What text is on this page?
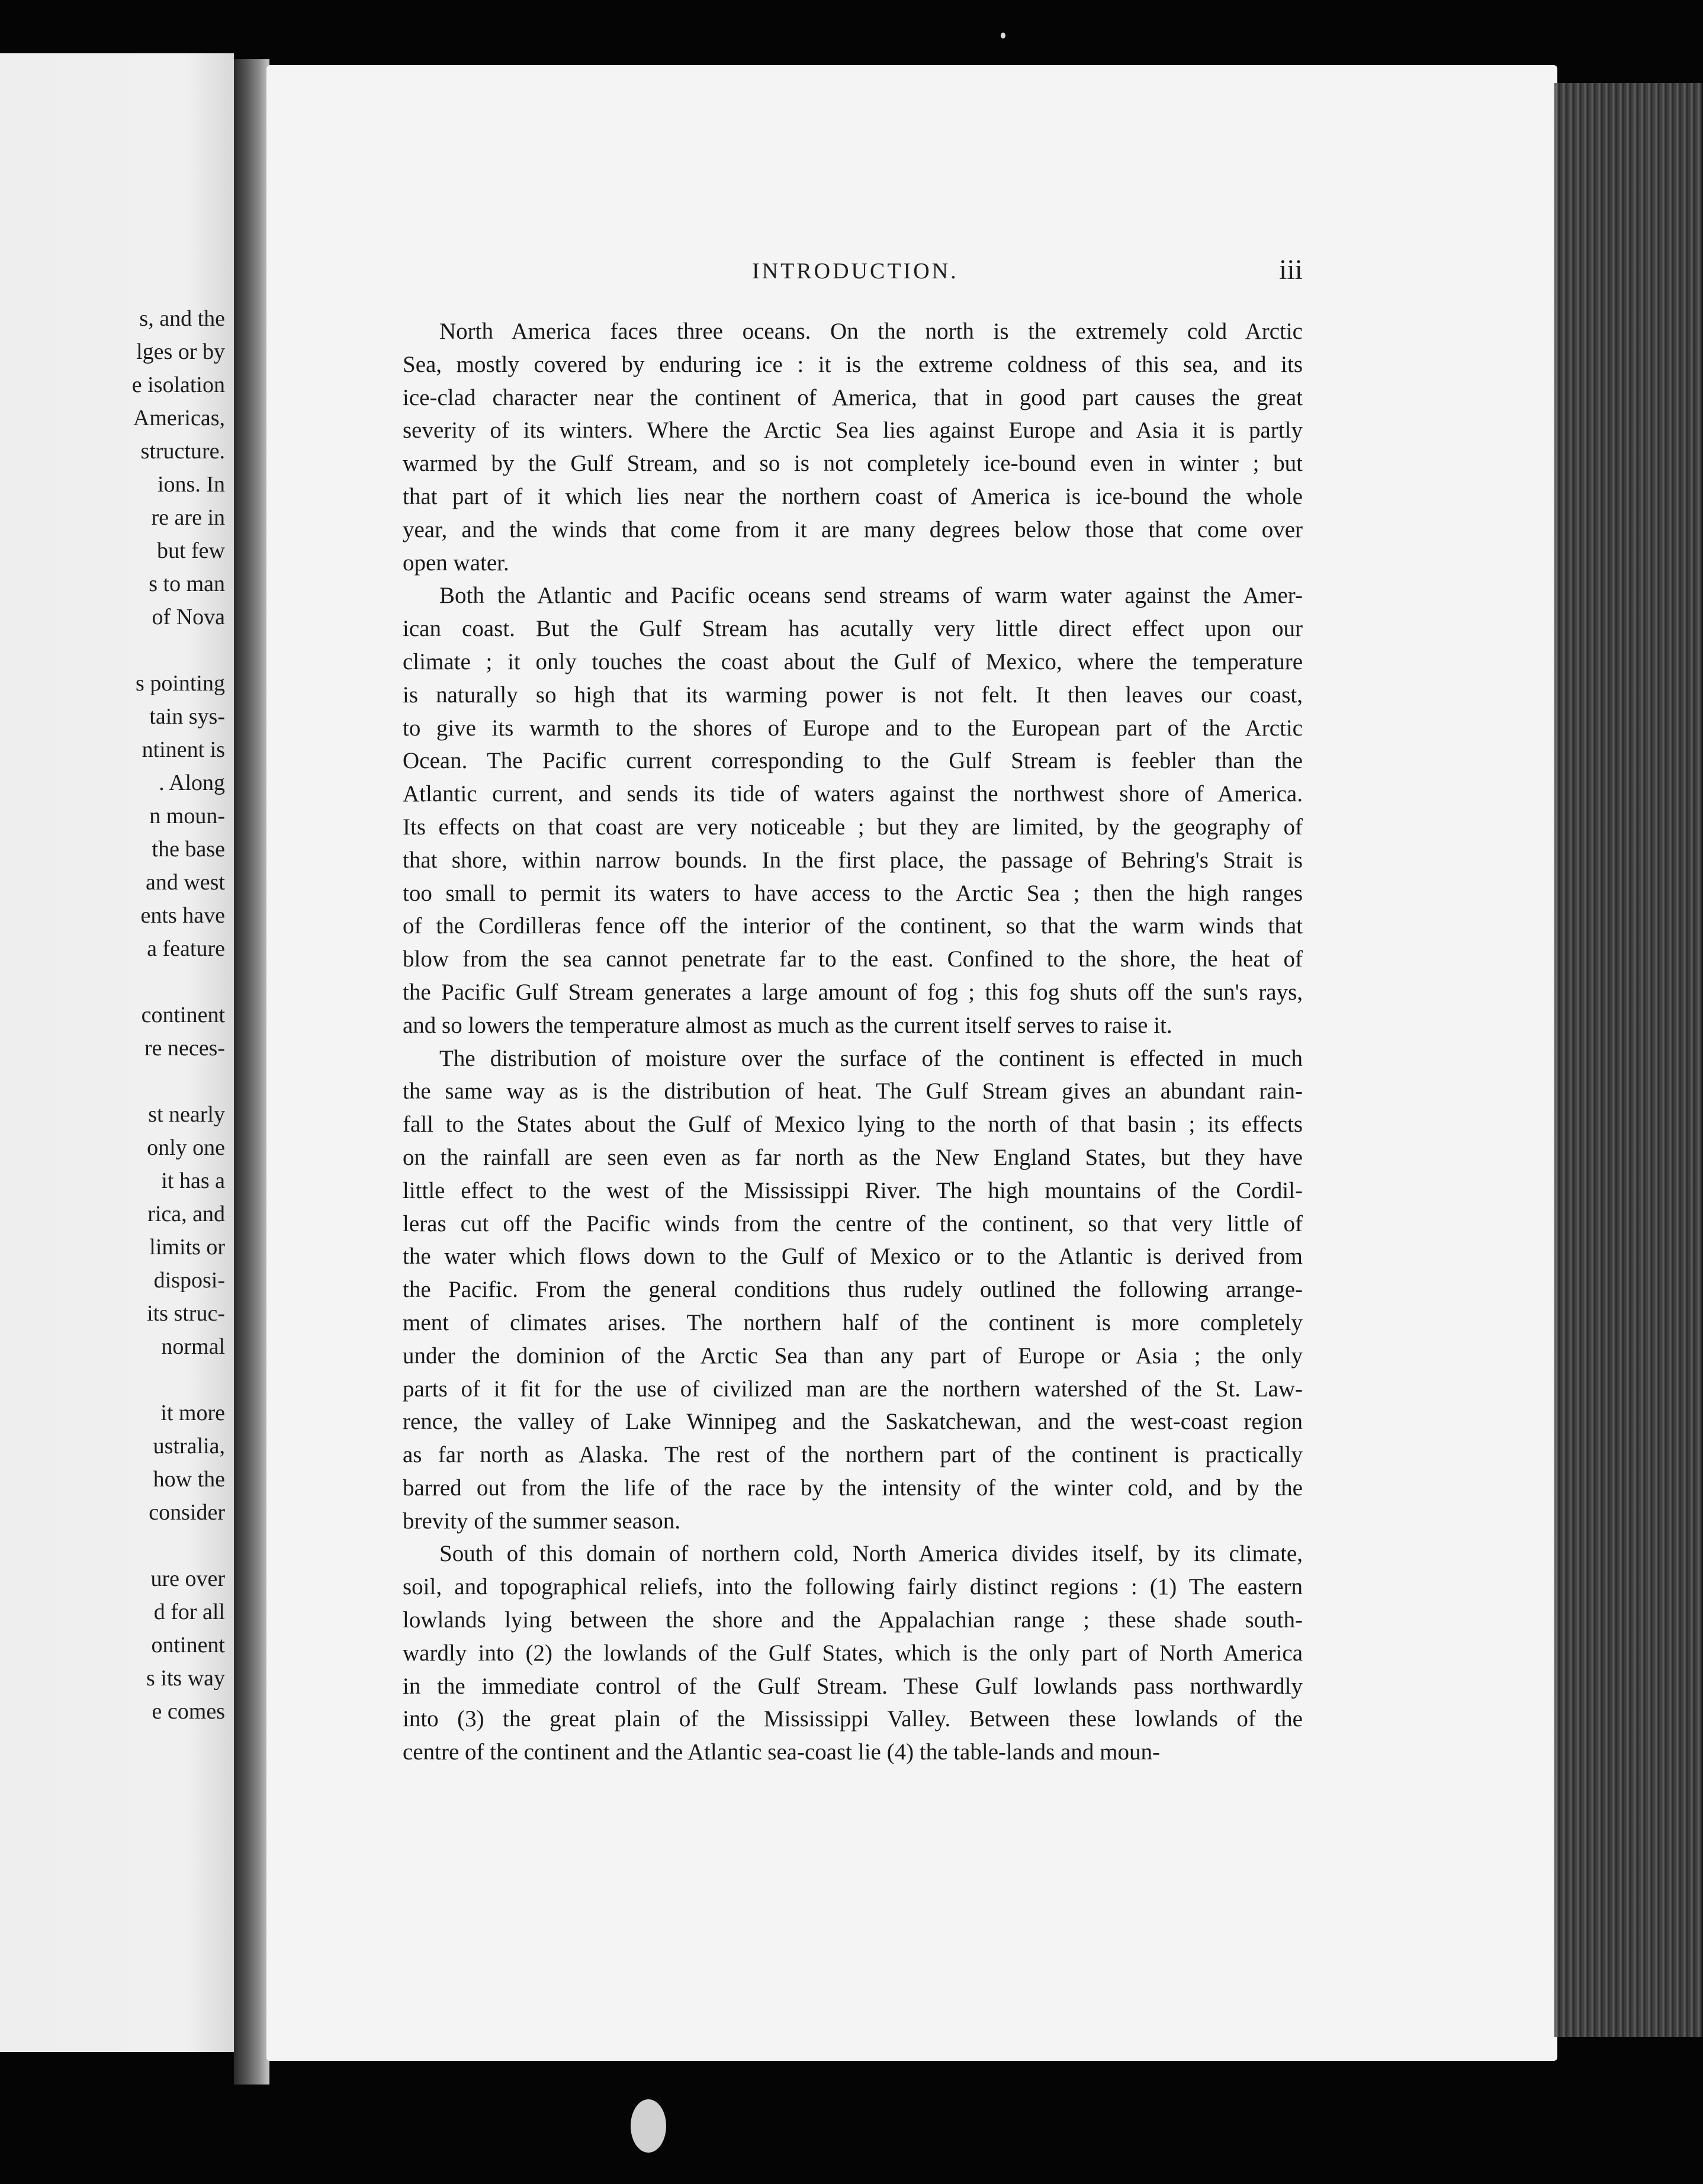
s, and the
lges or by
e isolation
Americas,
structure.
ions. In
re are in
but few
s to man
of Nova
s pointing
tain sys-
ntinent is
. Along
n moun-
the base
and west
ents have
a feature
continent
re neces-
st nearly
only one
it has a
rica, and
limits or
disposi-
its struc-
normal
it more
ustralia,
how the
consider
ure over
d for all
ontinent
s its way
e comes
INTRODUCTION.	iii
North America faces three oceans. On the north is the extremely cold Arctic
Sea, mostly covered by enduring ice : it is the extreme coldness of this sea, and its
ice-clad character near the continent of America, that in good part causes the great
severity of its winters. Where the Arctic Sea lies against Europe and Asia it is partly
warmed by the Gulf Stream, and so is not completely ice-bound even in winter ; but
that part of it which lies near the northern coast of America is ice-bound the whole
year, and the winds that come from it are many degrees below those that come over
open water.
Both the Atlantic and Pacific oceans send streams of warm water against the Amer-
ican coast. But the Gulf Stream has acutally very little direct effect upon our
climate ; it only touches the coast about the Gulf of Mexico, where the temperature
is naturally so high that its warming power is not felt. It then leaves our coast,
to give its warmth to the shores of Europe and to the European part of the Arctic
Ocean. The Pacific current corresponding to the Gulf Stream is feebler than the
Atlantic current, and sends its tide of waters against the northwest shore of America.
Its effects on that coast are very noticeable ; but they are limited, by the geography of
that shore, within narrow bounds. In the first place, the passage of Behring's Strait is
too small to permit its waters to have access to the Arctic Sea ; then the high ranges
of the Cordilleras fence off the interior of the continent, so that the warm winds that
blow from the sea cannot penetrate far to the east. Confined to the shore, the heat of
the Pacific Gulf Stream generates a large amount of fog ; this fog shuts off the sun's rays,
and so lowers the temperature almost as much as the current itself serves to raise it.
The distribution of moisture over the surface of the continent is effected in much
the same way as is the distribution of heat. The Gulf Stream gives an abundant rain-
fall to the States about the Gulf of Mexico lying to the north of that basin ; its effects
on the rainfall are seen even as far north as the New England States, but they have
little effect to the west of the Mississippi River. The high mountains of the Cordil-
leras cut off the Pacific winds from the centre of the continent, so that very little of
the water which flows down to the Gulf of Mexico or to the Atlantic is derived from
the Pacific. From the general conditions thus rudely outlined the following arrange-
ment of climates arises. The northern half of the continent is more completely
under the dominion of the Arctic Sea than any part of Europe or Asia ; the only
parts of it fit for the use of civilized man are the northern watershed of the St. Law-
rence, the valley of Lake Winnipeg and the Saskatchewan, and the west-coast region
as far north as Alaska. The rest of the northern part of the continent is practically
barred out from the life of the race by the intensity of the winter cold, and by the
brevity of the summer season.
South of this domain of northern cold, North America divides itself, by its climate,
soil, and topographical reliefs, into the following fairly distinct regions : (1) The eastern
lowlands lying between the shore and the Appalachian range ; these shade south-
wardly into (2) the lowlands of the Gulf States, which is the only part of North America
in the immediate control of the Gulf Stream. These Gulf lowlands pass northwardly
into (3) the great plain of the Mississippi Valley. Between these lowlands of the
centre of the continent and the Atlantic sea-coast lie (4) the table-lands and moun-
